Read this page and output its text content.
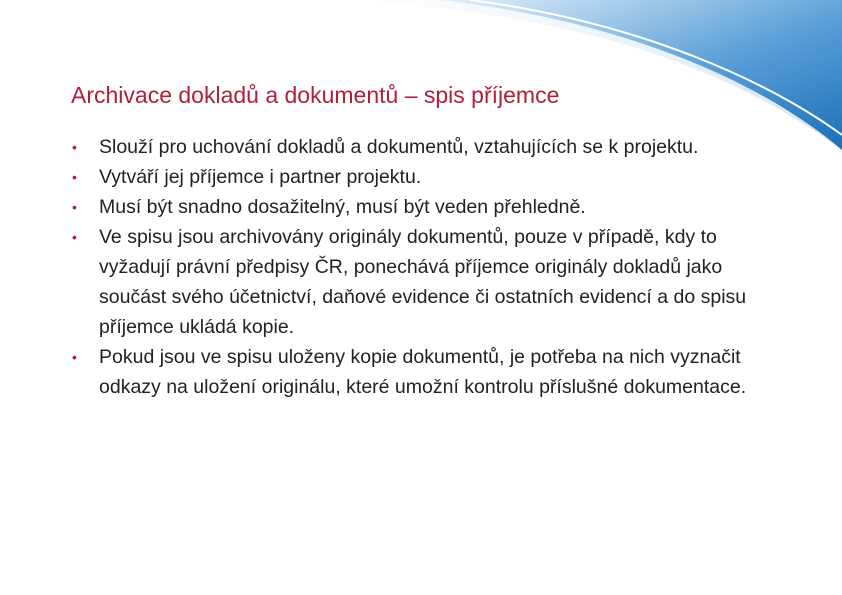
Archivace dokladů a dokumentů – spis příjemce
• Slouží pro uchování dokladů a dokumentů, vztahujících se k projektu.
• Vytváří jej příjemce i partner projektu.
• Musí být snadno dosažitelný, musí být veden přehledně.
• Ve spisu jsou archivovány originály dokumentů, pouze v případě, kdy to vyžadují právní předpisy ČR, ponechává příjemce originály dokladů jako součást svého účetnictví, daňové evidence či ostatních evidencí a do spisu příjemce ukládá kopie.
• Pokud jsou ve spisu uloženy kopie dokumentů, je potřeba na nich vyznačit odkazy na uložení originálu, které umožní kontrolu příslušné dokumentace.
